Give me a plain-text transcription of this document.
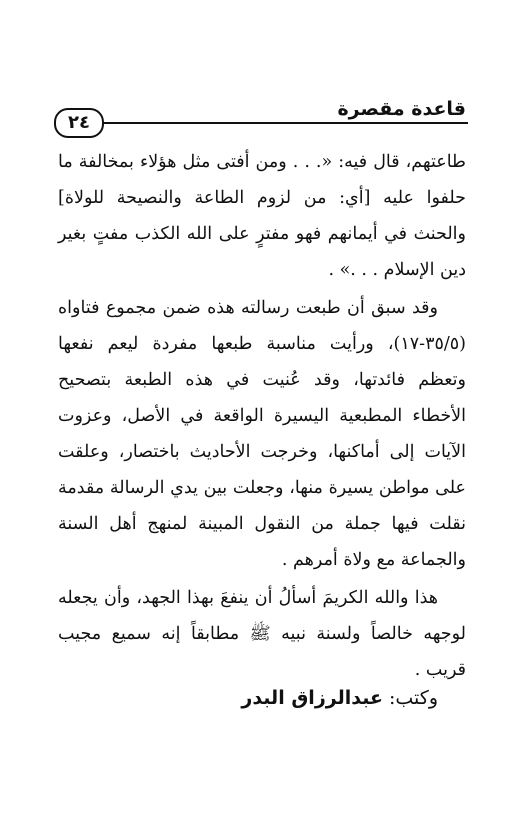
قاعدة مقصرة
٢٤

طاعتهم، قال فيه: «. . . ومن أفتى مثل هؤلاء بمخالفة ما حلفوا عليه [أي: من لزوم الطاعة والنصيحة للولاة] والحنث في أيمانهم فهو مفترٍ على الله الكذب مفتٍ بغير دين الإسلام . . .» .

وقد سبق أن طبعت رسالته هذه ضمن مجموع فتاواه (٣٥/٥-١٧)، ورأيت مناسبة طبعها مفردة ليعم نفعها وتعظم فائدتها، وقد عُنيت في هذه الطبعة بتصحيح الأخطاء المطبعية اليسيرة الواقعة في الأصل، وعزوت الآيات إلى أماكنها، وخرجت الأحاديث باختصار، وعلقت على مواطن يسيرة منها، وجعلت بين يدي الرسالة مقدمة نقلت فيها جملة من النقول المبينة لمنهج أهل السنة والجماعة مع ولاة أمرهم .

هذا والله الكريمَ أسألُ أن ينفعَ بهذا الجهد، وأن يجعله لوجهه خالصاً ولسنة نبيه ﷺ مطابقاً إنه سميع مجيب قريب .

وكتب: عبدالرزاق البدر
